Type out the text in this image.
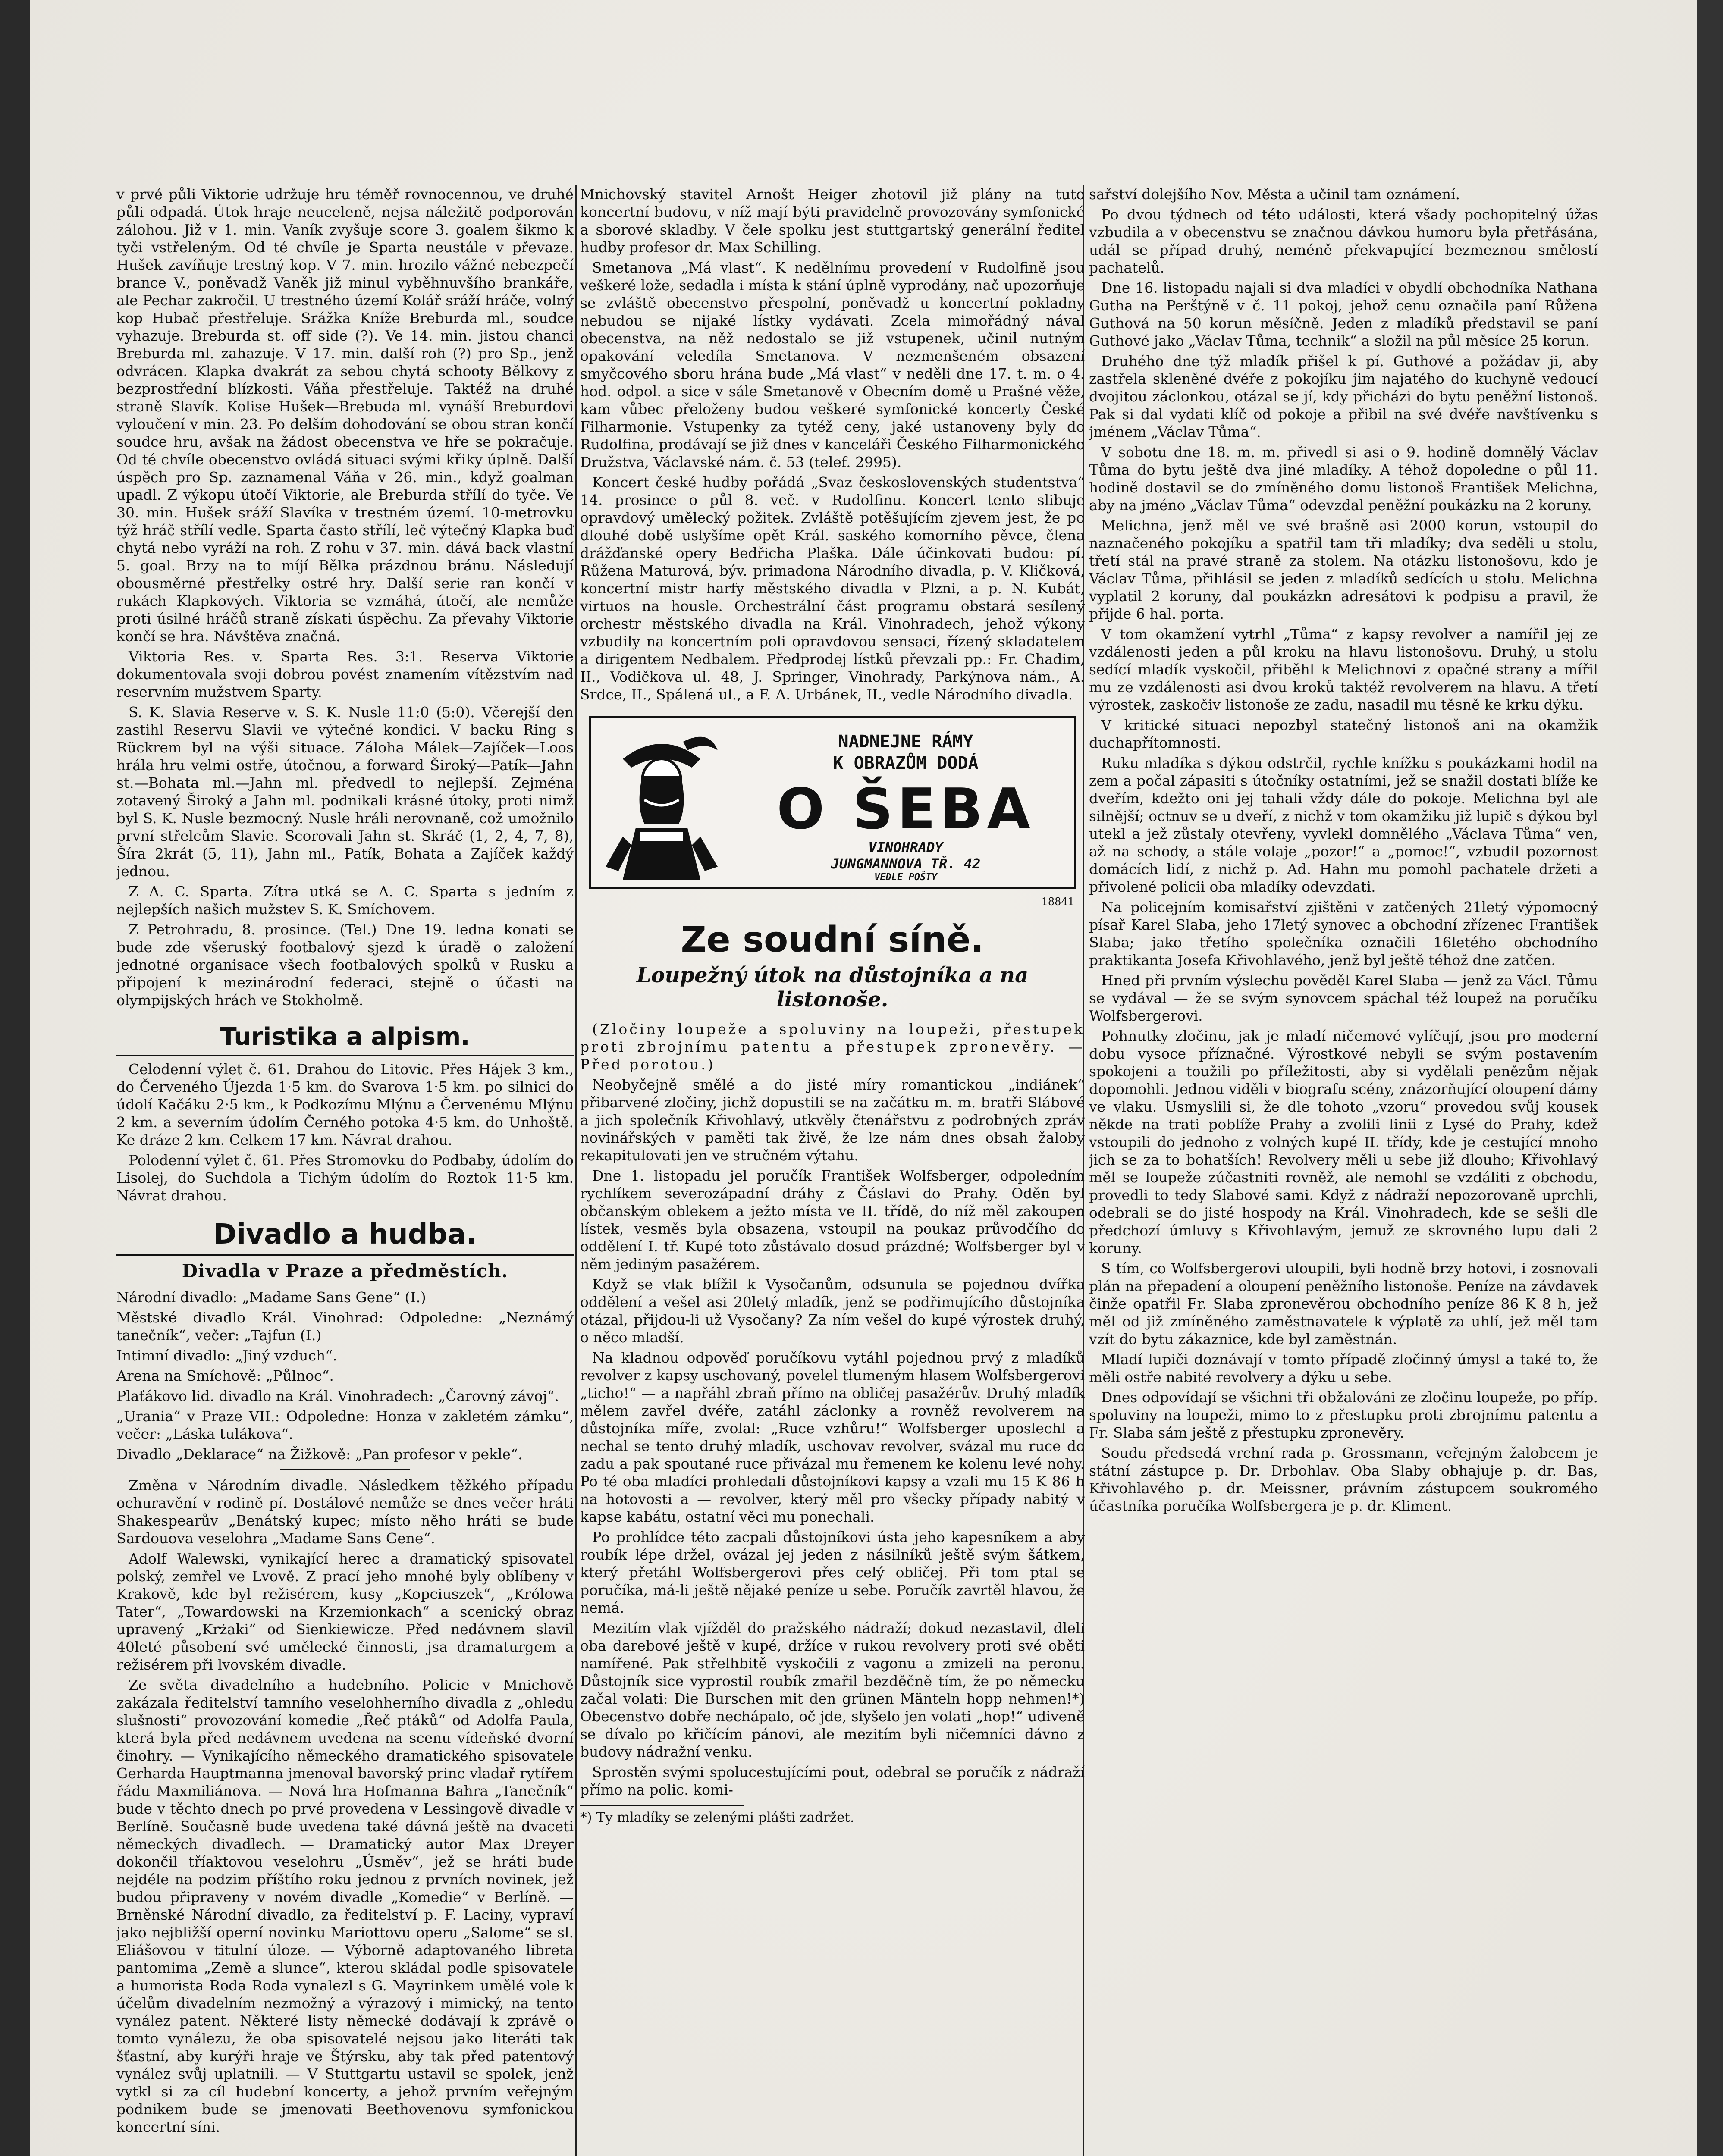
v prvé půli Viktorie udržuje hru téměř rovnocennou, ve druhé půli odpadá. Útok hraje neuceleně, nejsa náležitě podporován zálohou. Již v 1. min. Vaník zvyšuje score 3. goalem šikmo k tyči vstřeleným. Od té chvíle je Sparta neustále v převaze. Hušek zavíňuje trestný kop. V 7. min. hrozilo vážné nebezpečí brance V., poněvadž Vaněk již minul vyběhnuvšího brankáře, ale Pechar zakročil. U trestného území Kolář sráží hráče, volný kop Hubač přestřeluje. Srážka Kníže Breburda ml., soudce vyhazuje. Breburda st. off side (?). Ve 14. min. jistou chanci Breburda ml. zahazuje. V 17. min. další roh (?) pro Sp., jenž odvrácen. Klapka dvakrát za sebou chytá schooty Bělkovy z bezprostřední blízkosti. Váňa přestřeluje. Taktéž na druhé straně Slavík. Kolise Hušek—Brebuda ml. vynáší Breburdovi vyloučení v min. 23. Po delším dohodování se obou stran končí soudce hru, avšak na žádost obecenstva ve hře se pokračuje. Od té chvíle obecenstvo ovládá situaci svými křiky úplně. Další úspěch pro Sp. zaznamenal Váňa v 26. min., když goalman upadl. Z výkopu útočí Viktorie, ale Breburda střílí do tyče. Ve 30. min. Hušek sráží Slavíka v trestném území. 10-metrovku týž hráč střílí vedle. Sparta často střílí, leč výtečný Klapka buď chytá nebo vyráží na roh. Z rohu v 37. min. dává back vlastní 5. goal. Brzy na to míjí Bělka prázdnou bránu. Následují obousměrné přestřelky ostré hry. Další serie ran končí v rukách Klapkových. Viktoria se vzmáhá, útočí, ale nemůže proti úsilné hráčů straně získati úspěchu. Za převahy Viktorie končí se hra. Návštěva značná.

Viktoria Res. v. Sparta Res. 3:1. Reserva Viktorie dokumentovala svoji dobrou povést znamením vítězstvím nad reservním mužstvem Sparty.

S. K. Slavia Reserve v. S. K. Nusle 11:0 (5:0). Včerejší den zastihl Reservu Slavii ve výtečné kondici. V backu Ring s Rückrem byl na výši situace. Záloha Málek—Zajíček—Loos hrála hru velmi ostře, útočnou, a forward Široký—Patík—Jahn st.—Bohata ml.—Jahn ml. předvedl to nejlepší. Zejména zotavený Široký a Jahn ml. podnikali krásné útoky, proti nimž byl S. K. Nusle bezmocný. Nusle hráli nerovnaně, což umožnilo první střelcům Slavie. Scorovali Jahn st. Skráč (1, 2, 4, 7, 8), Šíra 2krát (5, 11), Jahn ml., Patík, Bohata a Zajíček každý jednou.

Z A. C. Sparta. Zítra utká se A. C. Sparta s jedním z nejlepších našich mužstev S. K. Smíchovem.

Z Petrohradu, 8. prosince. (Tel.) Dne 19. ledna konati se bude zde všeruský footbalový sjezd k úradě o založení jednotné organisace všech footbalových spolků v Rusku a připojení k mezinárodní federaci, stejně o účasti na olympijských hrách ve Stokholmě.

Turistika a alpism.

Celodenní výlet č. 61. Drahou do Litovic. Přes Hájek 3 km., do Červeného Újezda 1·5 km. do Svarova 1·5 km. po silnici do údolí Kačáku 2·5 km., k Podkozímu Mlýnu a Červenému Mlýnu 2 km. a severním údolím Černého potoka 4·5 km. do Unhoště. Ke dráze 2 km. Celkem 17 km. Návrat drahou.

Polodenní výlet č. 61. Přes Stromovku do Podbaby, údolím do Lisolej, do Suchdola a Tichým údolím do Roztok 11·5 km. Návrat drahou.

Divadlo a hudba.
Divadla v Praze a předměstích.

Národní divadlo: „Madame Sans Gene“ (I.)

Městské divadlo Král. Vinohrad: Odpoledne: „Neznámý tanečník“, večer: „Tajfun (I.)

Intimní divadlo: „Jiný vzduch“.

Arena na Smíchově: „Půlnoc“.

Plaťákovo lid. divadlo na Král. Vinohradech: „Čarovný závoj“.

„Urania“ v Praze VII.: Odpoledne: Honza v zakletém zámku“, večer: „Láska tulákova“.

Divadlo „Deklarace“ na Žižkově: „Pan profesor v pekle“.

Změna v Národním divadle. Následkem těžkého případu ochuravění v rodině pí. Dostálové nemůže se dnes večer hráti Shakespearův „Benátský kupec; místo něho hráti se bude Sardouova veselohra „Madame Sans Gene“.

Adolf Walewski, vynikající herec a dramatický spisovatel polský, zemřel ve Lvově. Z prací jeho mnohé byly oblíbeny v Krakově, kde byl režisérem, kusy „Kopciuszek“, „Królowa Tater“, „Towardowski na Krzemionkach“ a scenický obraz upravený „Krżaki“ od Sienkiewicze. Před nedávnem slavil 40leté působení své umělecké činnosti, jsa dramaturgem a režisérem při lvovském divadle.

Ze světa divadelního a hudebního. Policie v Mnichově zakázala ředitelství tamního veselohherního divadla z „ohledu slušnosti“ provozování komedie „Řeč ptáků“ od Adolfa Paula, která byla před nedávnem uvedena na scenu vídeňské dvorní činohry. — Vynikajícího německého dramatického spisovatele Gerharda Hauptmanna jmenoval bavorský princ vladař rytířem řádu Maxmiliánova. — Nová hra Hofmanna Bahra „Tanečník“ bude v těchto dnech po prvé provedena v Lessingově divadle v Berlíně. Současně bude uvedena také dávná ještě na dvaceti německých divadlech. — Dramatický autor Max Dreyer dokončil tříaktovou veselohru „Úsměv“, jež se hráti bude nejdéle na podzim příštího roku jednou z prvních novinek, jež budou připraveny v novém divadle „Komedie“ v Berlíně. — Brněnské Národní divadlo, za ředitelství p. F. Laciny, vypraví jako nejbližší operní novinku Mariottovu operu „Salome“ se sl. Eliášovou v titulní úloze. — Výborně adaptovaného libreta pantomima „Země a slunce“, kterou skládal podle spisovatele a humorista Roda Roda vynalezl s G. Mayrinkem umělé vole k účelům divadelním nezmožný a výrazový i mimický, na tento vynález patent. Některé listy německé dodávají k zprávě o tomto vynálezu, že oba spisovatelé nejsou jako literáti tak šťastní, aby kurýři hraje ve Štýrsku, aby tak před patentový vynález svůj uplatnili. — V Stuttgartu ustavil se spolek, jenž vytkl si za cíl hudební koncerty, a jehož prvním veřejným podnikem bude se jmenovati Beethovenovu symfonickou koncertní síni.

Mnichovský stavitel Arnošt Heiger zhotovil již plány na tuto koncertní budovu, v níž mají býti pravidelně provozovány symfonické a sborové skladby. V čele spolku jest stuttgartský generální ředitel hudby profesor dr. Max Schilling.

Smetanova „Má vlast“. K nedělnímu provedení v Rudolfině jsou veškeré lože, sedadla i místa k stání úplně vyprodány, nač upozorňuje se zvláště obecenstvo přespolní, poněvadž u koncertní pokladny nebudou se nijaké lístky vydávati. Zcela mimořádný nával obecenstva, na něž nedostalo se již vstupenek, učinil nutným opakování veledíla Smetanova. V nezmenšeném obsazení smyčcového sboru hrána bude „Má vlast“ v neděli dne 17. t. m. o 4. hod. odpol. a sice v sále Smetanově v Obecním domě u Prašné věže, kam vůbec přeloženy budou veškeré symfonické koncerty České Filharmonie. Vstupenky za tytéž ceny, jaké ustanoveny byly do Rudolfina, prodávají se již dnes v kanceláři Českého Filharmonického Družstva, Václavské nám. č. 53 (telef. 2995).

Koncert české hudby pořádá „Svaz československých studentstva“ 14. prosince o půl 8. več. v Rudolfinu. Koncert tento slibuje opravdový umělecký požitek. Zvláště potěšujícím zjevem jest, že po dlouhé době uslyšíme opět Král. saského komorního pěvce, člena drážďanské opery Bedřicha Plaška. Dále účinkovati budou: pí. Růžena Maturová, býv. primadona Národního divadla, p. V. Kličková, koncertní mistr harfy městského divadla v Plzni, a p. N. Kubát, virtuos na housle. Orchestrální část programu obstará sesílený orchestr městského divadla na Král. Vinohradech, jehož výkony vzbudily na koncertním poli opravdovou sensaci, řízený skladatelem a dirigentem Nedbalem. Předprodej lístků převzali pp.: Fr. Chadim, II., Vodičkova ul. 48, J. Springer, Vinohrady, Parkýnova nám., A. Srdce, II., Spálená ul., a F. A. Urbánek, II., vedle Národního divadla.

NADNEJNE RÁMY
K OBRAZŮM DODÁ
O ŠEBA
VINOHRADY
JUNGMANNOVA TŘ. 42
VEDLE POŠTY

18841

Ze soudní síně.
Loupežný útok na důstojníka a na listonoše.

(Zločiny loupeže a spoluviny na loupeži, přestupek proti zbrojnímu patentu a přestupek zpronevěry. — Před porotou.)

Neobyčejně smělé a do jisté míry romantickou „indiánek“ přibarvené zločiny, jichž dopustili se na začátku m. m. bratři Slábové a jich společník Křivohlavý, utkvěly čtenářstvu z podrobných zpráv novinářských v paměti tak živě, že lze nám dnes obsah žaloby rekapitulovati jen ve stručném výtahu.

Dne 1. listopadu jel poručík František Wolfsberger, odpoledním rychlíkem severozápadní dráhy z Čáslavi do Prahy. Oděn byl občanským oblekem a ježto místa ve II. třídě, do níž měl zakoupen lístek, vesměs byla obsazena, vstoupil na poukaz průvodčího do oddělení I. tř. Kupé toto zůstávalo dosud prázdné; Wolfsberger byl v něm jediným pasažérem.

Když se vlak blížil k Vysočanům, odsunula se pojednou dvířka oddělení a vešel asi 20letý mladík, jenž se podřimujícího důstojníka otázal, přijdou-li už Vysočany? Za ním vešel do kupé výrostek druhý, o něco mladší.

Na kladnou odpověď poručíkovu vytáhl pojednou prvý z mladíků revolver z kapsy uschovaný, povelel tlumeným hlasem Wolfsbergerovi „ticho!“ — a napřáhl zbraň přímo na obličej pasažérův. Druhý mladík mělem zavřel dvéře, zatáhl záclonky a rovněž revolverem na důstojníka míře, zvolal: „Ruce vzhůru!“ Wolfsberger uposlechl a nechal se tento druhý mladík, uschovav revolver, svázal mu ruce do zadu a pak spoutané ruce přivázal mu řemenem ke kolenu levé nohy. Po té oba mladíci prohledali důstojníkovi kapsy a vzali mu 15 K 86 h na hotovosti a — revolver, který měl pro všecky případy nabitý v kapse kabátu, ostatní věci mu ponechali.

Po prohlídce této zacpali důstojníkovi ústa jeho kapesníkem a aby roubík lépe držel, ovázal jej jeden z násilníků ještě svým šátkem, který přetáhl Wolfsbergerovi přes celý obličej. Při tom ptal se poručíka, má-li ještě nějaké peníze u sebe. Poručík zavrtěl hlavou, že nemá.

Mezitím vlak vjížděl do pražského nádraží; dokud nezastavil, dleli oba darebové ještě v kupé, držíce v rukou revolvery proti své oběti namířené. Pak střelhbitě vyskočili z vagonu a zmizeli na peronu. Důstojník sice vyprostil roubík zmařil bezděčně tím, že po německu začal volati: Die Burschen mit den grünen Mänteln hopp nehmen!*) Obecenstvo dobře nechápalo, oč jde, slyšelo jen volati „hop!“ udiveně se dívalo po křičícím pánovi, ale mezitím byli ničemníci dávno z budovy nádražní venku.

Sprostěn svými spolucestujícími pout, odebral se poručík z nádraží přímo na polic. komi-

*) Ty mladíky se zelenými plášti zadržet.

sařství dolejšího Nov. Města a učinil tam oznámení.

Po dvou týdnech od této události, která všady pochopitelný úžas vzbudila a v obecenstvu se značnou dávkou humoru byla přetřásána, udál se případ druhý, neméně překvapující bezmeznou smělostí pachatelů.

Dne 16. listopadu najali si dva mladíci v obydlí obchodníka Nathana Gutha na Perštýně v č. 11 pokoj, jehož cenu označila paní Růžena Guthová na 50 korun měsíčně. Jeden z mladíků představil se paní Guthové jako „Václav Tůma, technik“ a složil na půl měsíce 25 korun.

Druhého dne týž mladík přišel k pí. Guthové a požádav ji, aby zastřela skleněné dvéře z pokojíku jim najatého do kuchyně vedoucí dvojitou záclonkou, otázal se jí, kdy přicházi do bytu peněžní listonoš. Pak si dal vydati klíč od pokoje a přibil na své dvéře navštívenku s jménem „Václav Tůma“.

V sobotu dne 18. m. m. přivedl si asi o 9. hodině domnělý Václav Tůma do bytu ještě dva jiné mladíky. A téhož dopoledne o půl 11. hodině dostavil se do zmíněného domu listonoš František Melichna, aby na jméno „Václav Tůma“ odevzdal peněžní poukázku na 2 koruny.

Melichna, jenž měl ve své brašně asi 2000 korun, vstoupil do naznačeného pokojíku a spatřil tam tři mladíky; dva seděli u stolu, třetí stál na pravé straně za stolem. Na otázku listonošovu, kdo je Václav Tůma, přihlásil se jeden z mladíků sedících u stolu. Melichna vyplatil 2 koruny, dal poukázkn adresátovi k podpisu a pravil, že přijde 6 hal. porta.

V tom okamžení vytrhl „Tůma“ z kapsy revolver a namířil jej ze vzdálenosti jeden a půl kroku na hlavu listonošovu. Druhý, u stolu sedící mladík vyskočil, přiběhl k Melichnovi z opačné strany a mířil mu ze vzdálenosti asi dvou kroků taktéž revolverem na hlavu. A třetí výrostek, zaskočiv listonoše ze zadu, nasadil mu těsně ke krku dýku.

V kritické situaci nepozbyl statečný listonoš ani na okamžik duchapřítomnosti.

Ruku mladíka s dýkou odstrčil, rychle knížku s poukázkami hodil na zem a počal zápasiti s útočníky ostatními, jež se snažil dostati blíže ke dveřím, kdežto oni jej tahali vždy dále do pokoje. Melichna byl ale silnější; octnuv se u dveří, z nichž v tom okamžiku již lupič s dýkou byl utekl a jež zůstaly otevřeny, vyvlekl domnělého „Václava Tůma“ ven, až na schody, a stále volaje „pozor!“ a „pomoc!“, vzbudil pozornost domácích lidí, z nichž p. Ad. Hahn mu pomohl pachatele držeti a přivolené policii oba mladíky odevzdati.

Na policejním komisařství zjištěni v zatčených 21letý výpomocný písař Karel Slaba, jeho 17letý synovec a obchodní zřízenec František Slaba; jako třetího společníka označili 16letého obchodního praktikanta Josefa Křivohlavého, jenž byl ještě téhož dne zatčen.

Hned při prvním výslechu pověděl Karel Slaba — jenž za Václ. Tůmu se vydával — že se svým synovcem spáchal též loupež na poručíku Wolfsbergerovi.

Pohnutky zločinu, jak je mladí ničemové vylíčují, jsou pro moderní dobu vysoce příznačné. Výrostkové nebyli se svým postavením spokojeni a toužili po příležitosti, aby si vydělali penězům nějak dopomohli. Jednou viděli v biografu scény, znázorňující oloupení dámy ve vlaku. Usmyslili si, že dle tohoto „vzoru“ provedou svůj kousek někde na trati poblíže Prahy a zvolili linii z Lysé do Prahy, kdež vstoupili do jednoho z volných kupé II. třídy, kde je cestující mnoho jich se za to bohatších! Revolvery měli u sebe již dlouho; Křivohlavý měl se loupeže zúčastniti rovněž, ale nemohl se vzdáliti z obchodu, provedli to tedy Slabové sami. Když z nádraží nepozorovaně uprchli, odebrali se do jisté hospody na Král. Vinohradech, kde se sešli dle předchozí úmluvy s Křivohlavým, jemuž ze skrovného lupu dali 2 koruny.

S tím, co Wolfsbergerovi uloupili, byli hodně brzy hotovi, i zosnovali plán na přepadení a oloupení peněžního listonoše. Peníze na závdavek činže opatřil Fr. Slaba zpronevěrou obchodního peníze 86 K 8 h, jež měl od již zmíněného zaměstnavatele k výplatě za uhlí, jež měl tam vzít do bytu zákaznice, kde byl zaměstnán.

Mladí lupiči doznávají v tomto případě zločinný úmysl a také to, že měli ostře nabité revolvery a dýku u sebe.

Dnes odpovídají se všichni tři obžalováni ze zločinu loupeže, po příp. spoluviny na loupeži, mimo to z přestupku proti zbrojnímu patentu a Fr. Slaba sám ještě z přestupku zpronevěry.

Soudu předsedá vrchní rada p. Grossmann, veřejným žalobcem je státní zástupce p. Dr. Drbohlav. Oba Slaby obhajuje p. dr. Bas, Křivohlavého p. dr. Meissner, právním zástupcem soukromého účastníka poručíka Wolfsbergera je p. dr. Kliment.
